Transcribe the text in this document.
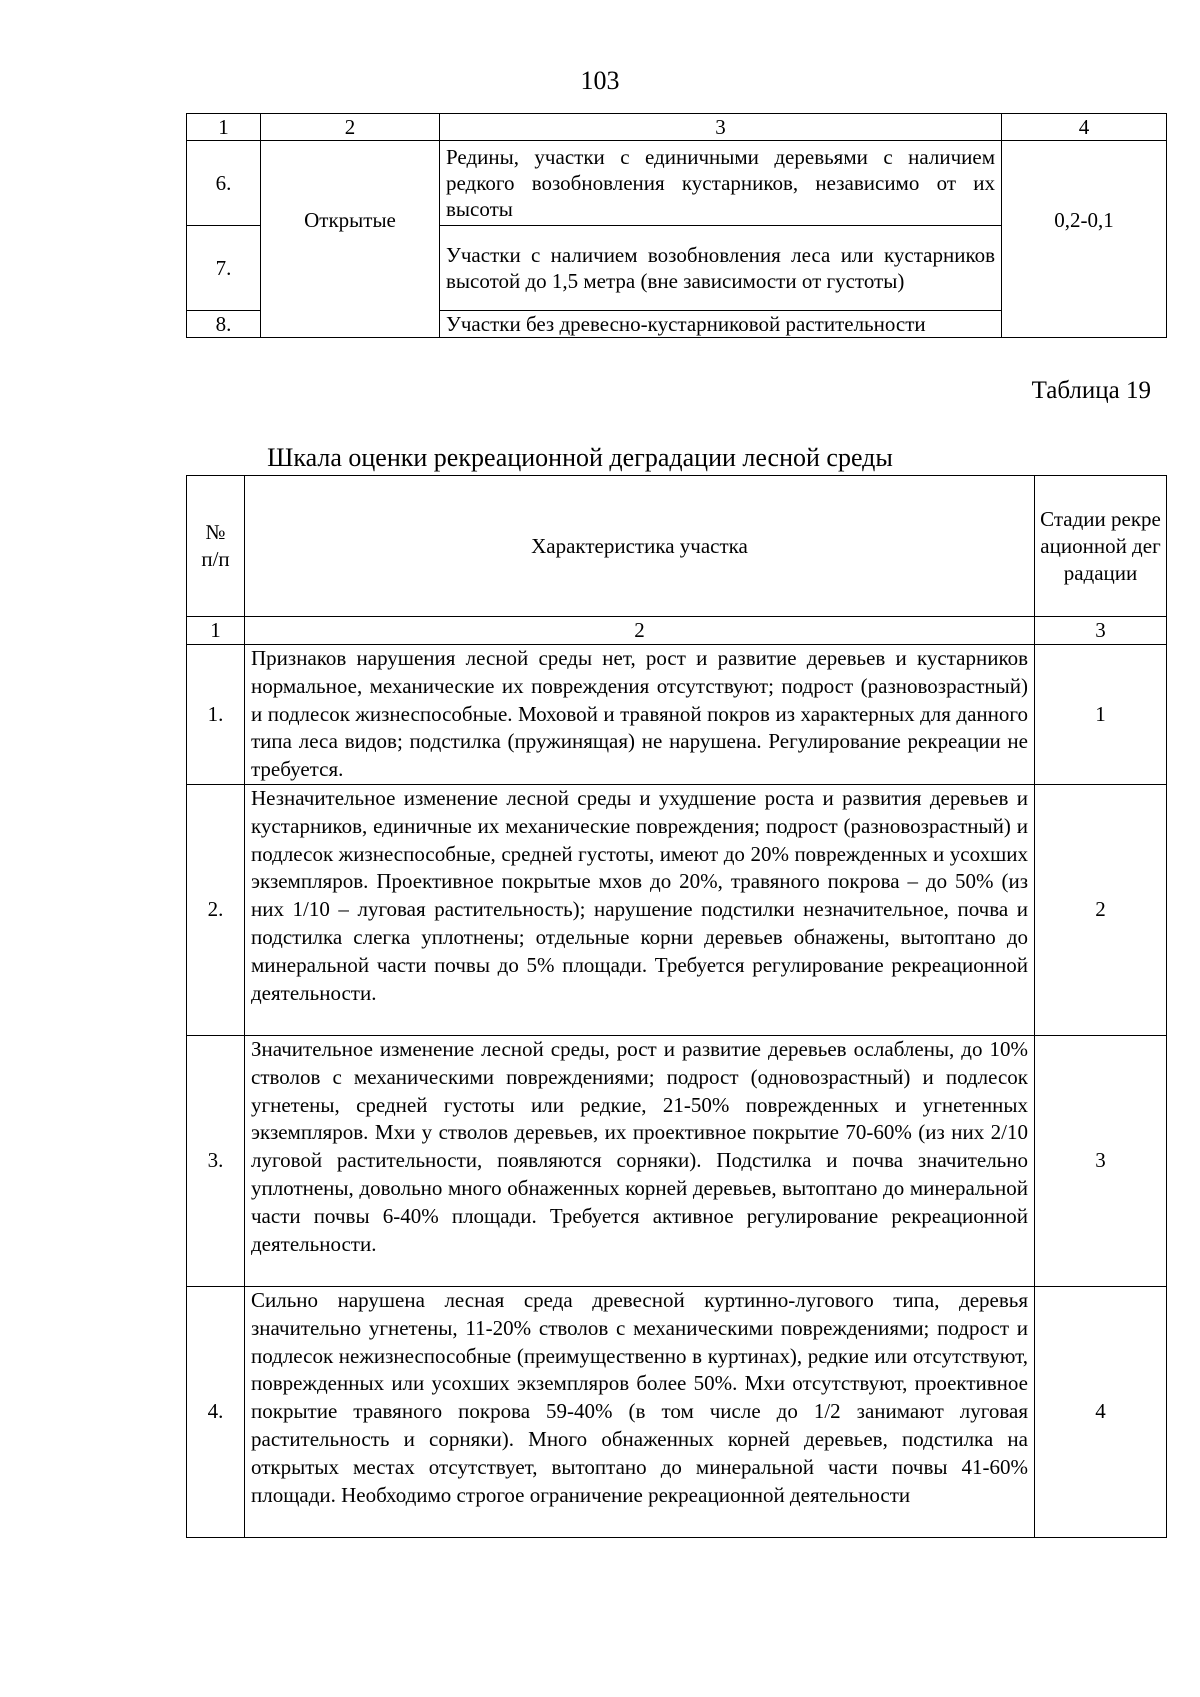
103
1	2	3	4
6.	Открытые	Редины, участки с единичными деревьями с наличием редкого возобновления кустарников, независимо от их высоты	0,2-0,1

7.		Участки с наличием возобновления леса или кустарников высотой до 1,5 метра (вне зависимости от густоты)	
8.		Участки без древесно-кустарниковой растительности	
Таблица 19
Шкала оценки рекреационной деградации лесной среды
№ п/п	Характеристика участка	Стадии рекреационной деградации

1	2	3
1.	Признаков нарушения лесной среды нет, рост и развитие деревьев и кустарников нормальное, механические их повреждения отсутствуют; подрост (разновозрастный) и подлесок жизнеспособные. Моховой и травяной покров из характерных для данного типа леса видов; подстилка (пружинящая) не нарушена. Регулирование рекреации не требуется.	1
2.	Незначительное изменение лесной среды и ухудшение роста и развития деревьев и кустарников, единичные их механические повреждения; подрост (разновозрастный) и подлесок жизнеспособные, средней густоты, имеют до 20% поврежденных и усохших экземпляров. Проективное покрытые мхов до 20%, травяного покрова – до 50% (из них 1/10 – луговая растительность); нарушение подстилки незначительное, почва и подстилка слегка уплотнены; отдельные корни деревьев обнажены, вытоптано до минеральной части почвы до 5% площади. Требуется регулирование рекреационной деятельности.	2
3.	Значительное изменение лесной среды, рост и развитие деревьев ослаблены, до 10% стволов с механическими повреждениями; подрост (одновозрастный) и подлесок угнетены, средней густоты или редкие, 21-50% поврежденных и угнетенных экземпляров. Мхи у стволов деревьев, их проективное покрытие 70-60% (из них 2/10 луговой растительности, появляются сорняки). Подстилка и почва значительно уплотнены, довольно много обнаженных корней деревьев, вытоптано до минеральной части почвы 6-40% площади. Требуется активное регулирование рекреационной деятельности.	3
4.	Сильно нарушена лесная среда древесной куртинно-лугового типа, деревья значительно угнетены, 11-20% стволов с механическими повреждениями; подрост и подлесок нежизнеспособные (преимущественно в куртинах), редкие или отсутствуют, поврежденных или усохших экземпляров более 50%. Мхи отсутствуют, проективное покрытие травяного покрова 59-40% (в том числе до 1/2 занимают луговая растительность и сорняки). Много обнаженных корней деревьев, подстилка на открытых местах отсутствует, вытоптано до минеральной части почвы 41-60% площади. Необходимо строгое ограничение рекреационной деятельности	4
